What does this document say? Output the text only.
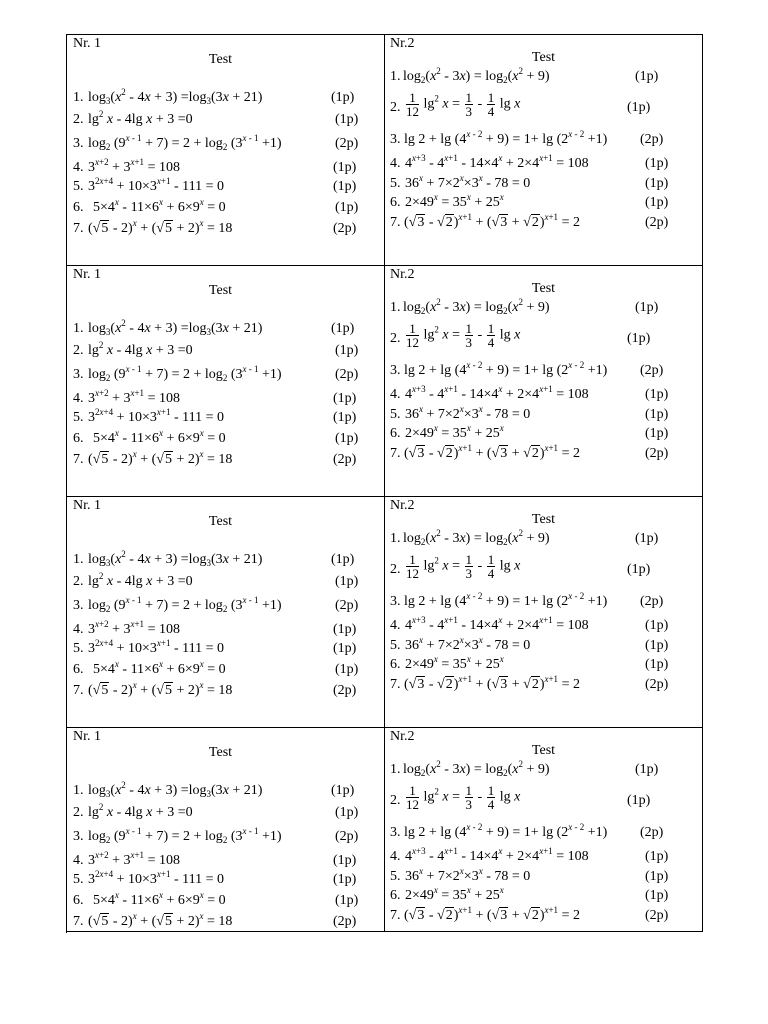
Nr. 1
Test
1. $\log_3(x^2 - 4x + 3) =\log_3(3x + 21)$	(1p)
2. $\lg^2 x - 4\lg$ x + 3 =0	(1p)
3. $\log_2 (9^{x - 1} + 7) = 2 + \log_2 (3^{x - 1} +1)$	(2p)
4. $3^{x+2} + 3^{x+1} = 108$	(1p)
5. $3^{2x+4} + 10\times 3^{x+1} - 111 = 0$	(1p)
6. $5\times 4^x - 11\times 6^x + 6\times 9^x = 0$	(1p)
7. $(√5 - 2)^x + (√5 + 2)^x = 18$	(2p)
Nr.2
Test
1. $\log_2(x^2 - 3x) = \log_2(x^2 + 9)$	(1p)
2. $\frac{1}{12} \lg^2 x = \frac{1}{3} - \frac{1}{4}$ lg x	(1p)
3. $\lg 2 + \lg (4^{x - 2} + 9) = 1+ \lg (2^{x - 2} +1)$ (2p)
4. $4^{x+3} - 4^{x+1} - 14\times 4^x + 2\times 4^{x+1} = 108$	(1p)
5. $36^x + 7\times 2^x\times 3^x - 78 = 0$	(1p)
6. $2\times 49^x = 35^x + 25^x$	(1p)
7. $(√3 - √2)^{x+1} + (√3 + √2)^{x+1} = 2$	(2p)
Nr. 1
Test
1. $\log_3(x^2 - 4x + 3) =\log_3(3x + 21)$	(1p)
2. $\lg^2 x - 4\lg$ x + 3 =0	(1p)
3. $\log_2 (9^{x - 1} + 7) = 2 + \log_2 (3^{x - 1} +1)$	(2p)
4. $3^{x+2} + 3^{x+1} = 108$	(1p)
5. $3^{2x+4} + 10\times 3^{x+1} - 111 = 0$	(1p)
6. $5\times 4^x - 11\times 6^x + 6\times 9^x = 0$	(1p)
7. $(√5 - 2)^x + (√5 + 2)^x = 18$	(2p)
Nr.2
Test
1. $\log_2(x^2 - 3x) = \log_2(x^2 + 9)$	(1p)
2. $\frac{1}{12} \lg^2 x = \frac{1}{3} - \frac{1}{4}$ lg x	(1p)
3. $\lg 2 + \lg (4^{x - 2} + 9) = 1+ \lg (2^{x - 2} +1)$ (2p)
4. $4^{x+3} - 4^{x+1} - 14\times 4^x + 2\times 4^{x+1} = 108$	(1p)
5. $36^x + 7\times 2^x\times 3^x - 78 = 0$	(1p)
6. $2\times 49^x = 35^x + 25^x$	(1p)
7. $(√3 - √2)^{x+1} + (√3 + √2)^{x+1} = 2$	(2p)
Nr. 1
Test
1. $\log_3(x^2 - 4x + 3) =\log_3(3x + 21)$	(1p)
2. $\lg^2 x - 4\lg$ x + 3 =0	(1p)
3. $\log_2 (9^{x - 1} + 7) = 2 + \log_2 (3^{x - 1} +1)$	(2p)
4. $3^{x+2} + 3^{x+1} = 108$	(1p)
5. $3^{2x+4} + 10\times 3^{x+1} - 111 = 0$	(1p)
6. $5\times 4^x - 11\times 6^x + 6\times 9^x = 0$	(1p)
7. $(√5 - 2)^x + (√5 + 2)^x = 18$	(2p)
Nr.2
Test
1. $\log_2(x^2 - 3x) = \log_2(x^2 + 9)$	(1p)
2. $\frac{1}{12} \lg^2 x = \frac{1}{3} - \frac{1}{4}$ lg x	(1p)
3. $\lg 2 + \lg (4^{x - 2} + 9) = 1+ \lg (2^{x - 2} +1)$ (2p)
4. $4^{x+3} - 4^{x+1} - 14\times 4^x + 2\times 4^{x+1} = 108$	(1p)
5. $36^x + 7\times 2^x\times 3^x - 78 = 0$	(1p)
6. $2\times 49^x = 35^x + 25^x$	(1p)
7. $(√3 - √2)^{x+1} + (√3 + √2)^{x+1} = 2$	(2p)
Nr. 1
Test
1. $\log_3(x^2 - 4x + 3) =\log_3(3x + 21)$	(1p)
2. $\lg^2 x - 4\lg$ x + 3 =0	(1p)
3. $\log_2 (9^{x - 1} + 7) = 2 + \log_2 (3^{x - 1} +1)$	(2p)
4. $3^{x+2} + 3^{x+1} = 108$	(1p)
5. $3^{2x+4} + 10\times 3^{x+1} - 111 = 0$	(1p)
6. $5\times 4^x - 11\times 6^x + 6\times 9^x = 0$	(1p)
7. $(√5 - 2)^x + (√5 + 2)^x = 18$	(2p)
Nr.2
Test
1. $\log_2(x^2 - 3x) = \log_2(x^2 + 9)$	(1p)
2. $\frac{1}{12} \lg^2 x = \frac{1}{3} - \frac{1}{4}$ lg x	(1p)
3. $\lg 2 + \lg (4^{x - 2} + 9) = 1+ \lg (2^{x - 2} +1)$ (2p)
4. $4^{x+3} - 4^{x+1} - 14\times 4^x + 2\times 4^{x+1} = 108$	(1p)
5. $36^x + 7\times 2^x\times 3^x - 78 = 0$	(1p)
6. $2\times 49^x = 35^x + 25^x$	(1p)
7. $(√3 - √2)^{x+1} + (√3 + √2)^{x+1} = 2$	(2p)
